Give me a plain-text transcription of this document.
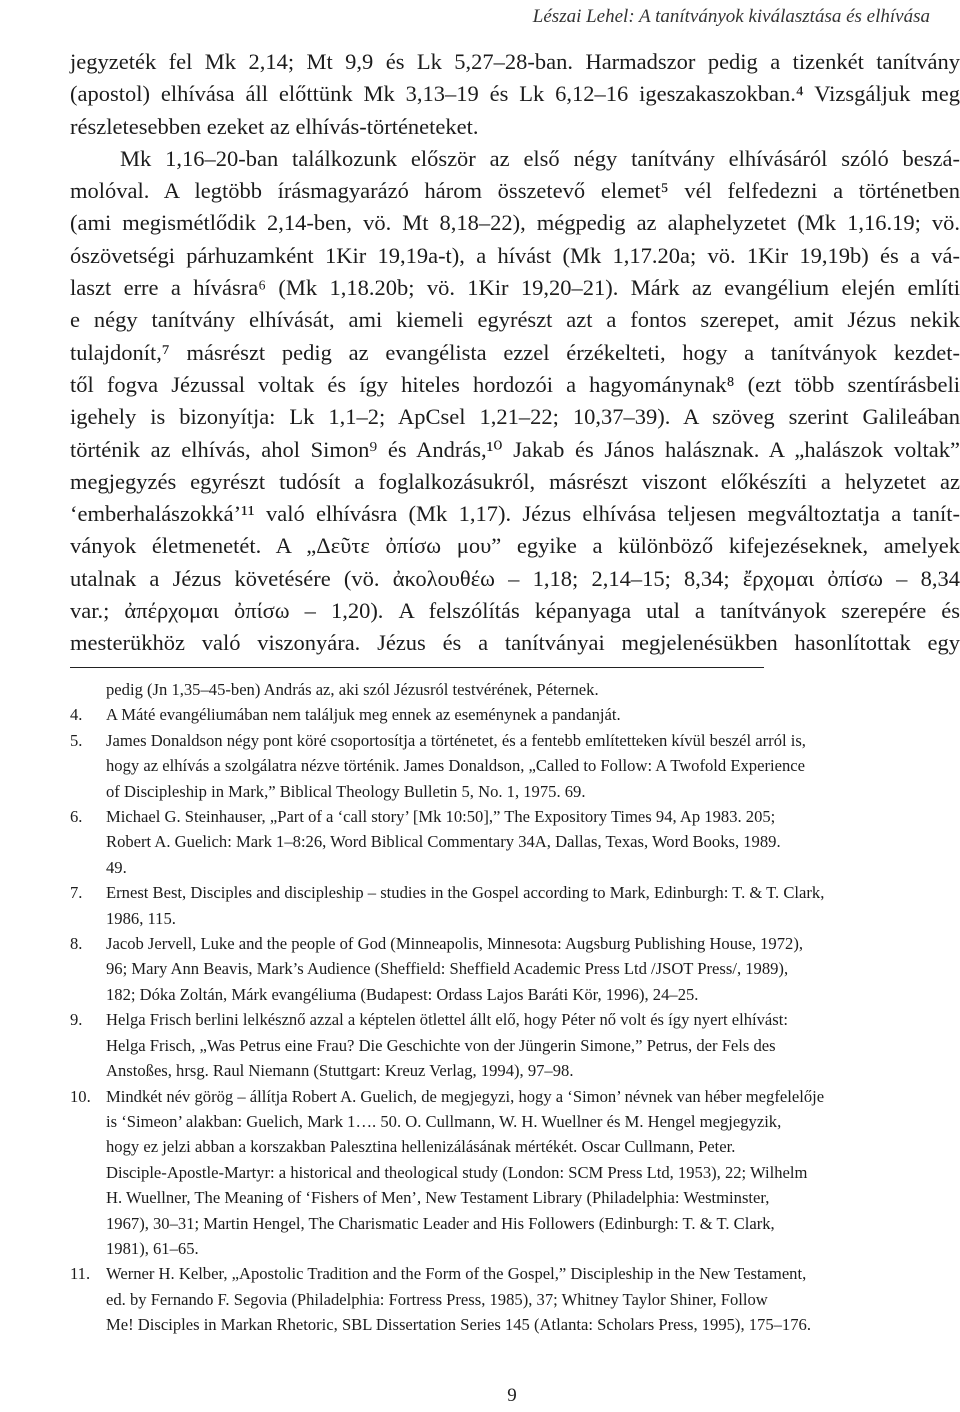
Lészai Lehel: A tanítványok kiválasztása és elhívása
jegyzeték fel Mk 2,14; Mt 9,9 és Lk 5,27–28-ban. Harmadszor pedig a tizenkét tanítvány
(apostol) elhívása áll előttünk Mk 3,13–19 és Lk 6,12–16 igeszakaszokban.⁴ Vizsgáljuk meg
részletesebben ezeket az elhívás-történeteket.
Mk 1,16–20-ban találkozunk először az első négy tanítvány elhívásáról szóló beszá-
molóval. A legtöbb írásmagyarázó három összetevő elemet⁵ vél felfedezni a történetben
(ami megismétlődik 2,14-ben, vö. Mt 8,18–22), mégpedig az alaphelyzetet (Mk 1,16.19; vö.
ószövetségi párhuzamként 1Kir 19,19a-t), a hívást (Mk 1,17.20a; vö. 1Kir 19,19b) és a vá-
laszt erre a hívásra⁶ (Mk 1,18.20b; vö. 1Kir 19,20–21). Márk az evangélium elején említi
e négy tanítvány elhívását, ami kiemeli egyrészt azt a fontos szerepet, amit Jézus nekik
tulajdonít,⁷ másrészt pedig az evangélista ezzel érzékelteti, hogy a tanítványok kezdet-
től fogva Jézussal voltak és így hiteles hordozói a hagyománynak⁸ (ezt több szentírásbeli
igehely is bizonyítja: Lk 1,1–2; ApCsel 1,21–22; 10,37–39). A szöveg szerint Galileában
történik az elhívás, ahol Simon⁹ és András,¹⁰ Jakab és János halásznak. A „halászok voltak”
megjegyzés egyrészt tudósít a foglalkozásukról, másrészt viszont előkészíti a helyzetet az
‘emberhalászokká’¹¹ való elhívásra (Mk 1,17). Jézus elhívása teljesen megváltoztatja a tanít-
ványok életmenetét. A „Δεῦτε ὀπίσω μου” egyike a különböző kifejezéseknek, amelyek
utalnak a Jézus követésére (vö. ἀκολουθέω – 1,18; 2,14–15; 8,34; ἔρχομαι ὀπίσω – 8,34
var.; ἀπέρχομαι ὀπίσω – 1,20). A felszólítás képanyaga utal a tanítványok szerepére és
mesterükhöz való viszonyára. Jézus és a tanítványai megjelenésükben hasonlítottak egy
pedig (Jn 1,35–45-ben) András az, aki szól Jézusról testvérének, Péternek.
4. A Máté evangéliumában nem találjuk meg ennek az eseménynek a pandanját.
5. James Donaldson négy pont köré csoportosítja a történetet, és a fentebb említetteken kívül beszél arról is,
hogy az elhívás a szolgálatra nézve történik. James Donaldson, „Called to Follow: A Twofold Experience
of Discipleship in Mark,” Biblical Theology Bulletin 5, No. 1, 1975. 69.
6. Michael G. Steinhauser, „Part of a ‘call story’ [Mk 10:50],” The Expository Times 94, Ap 1983. 205;
Robert A. Guelich: Mark 1–8:26, Word Biblical Commentary 34A, Dallas, Texas, Word Books, 1989.
49.
7. Ernest Best, Disciples and discipleship – studies in the Gospel according to Mark, Edinburgh: T. & T. Clark,
1986, 115.
8. Jacob Jervell, Luke and the people of God (Minneapolis, Minnesota: Augsburg Publishing House, 1972),
96; Mary Ann Beavis, Mark’s Audience (Sheffield: Sheffield Academic Press Ltd /JSOT Press/, 1989),
182; Dóka Zoltán, Márk evangéliuma (Budapest: Ordass Lajos Baráti Kör, 1996), 24–25.
9. Helga Frisch berlini lelkésznő azzal a képtelen ötlettel állt elő, hogy Péter nő volt és így nyert elhívást:
Helga Frisch, „Was Petrus eine Frau? Die Geschichte von der Jüngerin Simone,” Petrus, der Fels des
Anstoßes, hrsg. Raul Niemann (Stuttgart: Kreuz Verlag, 1994), 97–98.
10. Mindkét név görög – állítja Robert A. Guelich, de megjegyzi, hogy a ‘Simon’ névnek van héber megfelelője
is ‘Simeon’ alakban: Guelich, Mark 1…. 50. O. Cullmann, W. H. Wuellner és M. Hengel megjegyzik,
hogy ez jelzi abban a korszakban Palesztina hellenizálásának mértékét. Oscar Cullmann, Peter.
Disciple-Apostle-Martyr: a historical and theological study (London: SCM Press Ltd, 1953), 22; Wilhelm
H. Wuellner, The Meaning of ‘Fishers of Men’, New Testament Library (Philadelphia: Westminster,
1967), 30–31; Martin Hengel, The Charismatic Leader and His Followers (Edinburgh: T. & T. Clark,
1981), 61–65.
11. Werner H. Kelber, „Apostolic Tradition and the Form of the Gospel,” Discipleship in the New Testament,
ed. by Fernando F. Segovia (Philadelphia: Fortress Press, 1985), 37; Whitney Taylor Shiner, Follow
Me! Disciples in Markan Rhetoric, SBL Dissertation Series 145 (Atlanta: Scholars Press, 1995), 175–176.
9
